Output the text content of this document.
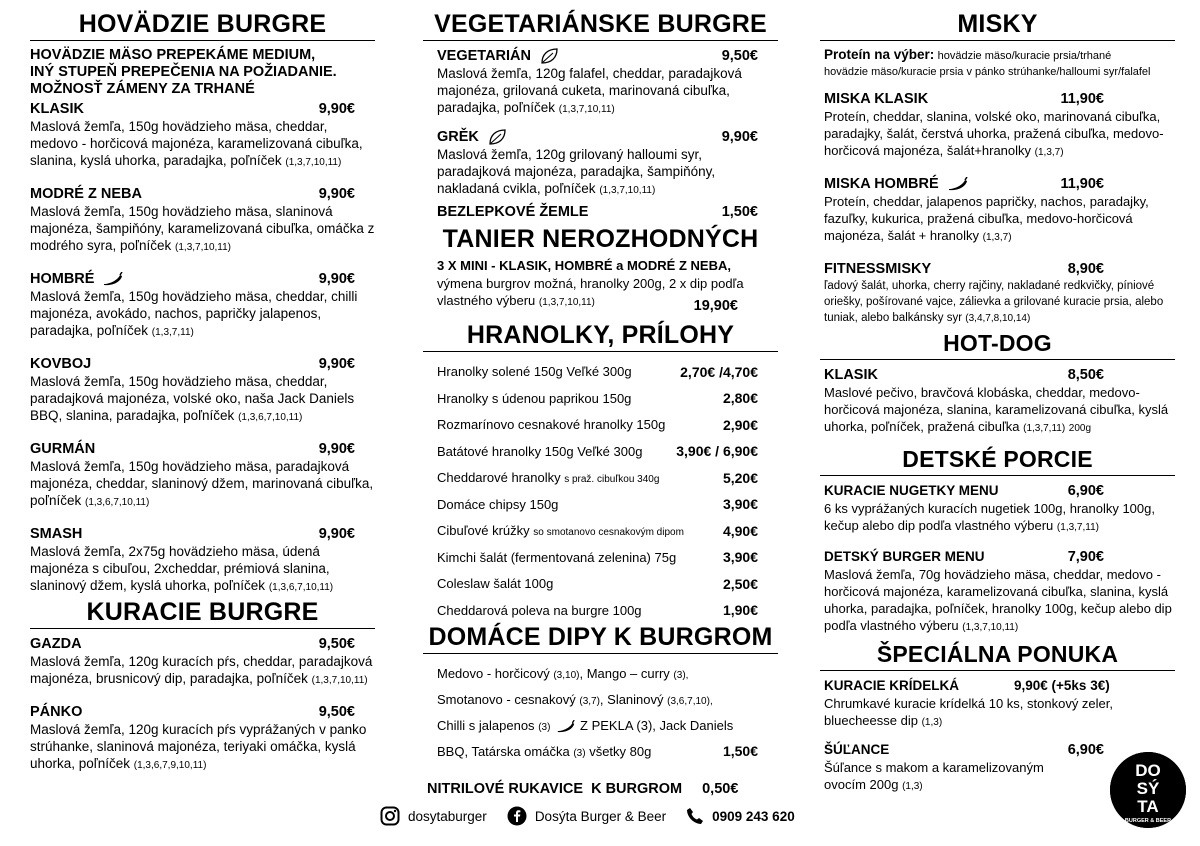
HOVÄDZIE BURGRE
HOVÄDZIE MÄSO PREPEKÁME MEDIUM,
INÝ STUPEŇ PREPEČENIA NA POŽIADANIE.
MOŽNOSŤ ZÁMENY ZA TRHANÉ
KLASIK	9,90€
Maslová žemľa, 150g hovädzieho mäsa, cheddar, medovo - horčicová majonéza, karamelizovaná cibuľka, slanina, kyslá uhorka, paradajka, poľníček (1,3,7,10,11)
MODRÉ Z NEBA	9,90€
Maslová žemľa, 150g hovädzieho mäsa, slaninová majonéza, šampiňóny, karamelizovaná cibuľka, omáčka z modrého syra, poľníček (1,3,7,10,11)
HOMBRÉ	9,90€
Maslová žemľa, 150g hovädzieho mäsa, cheddar, chilli majonéza, avokádo, nachos, papričky jalapenos, paradajka, poľníček (1,3,7,11)
KOVBOJ	9,90€
Maslová žemľa, 150g hovädzieho mäsa, cheddar, paradajková majonéza, volské oko, naša Jack Daniels BBQ, slanina, paradajka, poľníček (1,3,6,7,10,11)
GURMÁN	9,90€
Maslová žemľa, 150g hovädzieho mäsa, paradajková majonéza, cheddar, slaninový džem, marinovaná cibuľka, poľníček (1,3,6,7,10,11)
SMASH	9,90€
Maslová žemľa, 2x75g hovädzieho mäsa, údená majonéza s cibuľou, 2xcheddar, prémiová slanina, slaninový džem, kyslá uhorka, poľníček (1,3,6,7,10,11)
KURACIE BURGRE
GAZDA	9,50€
Maslová žemľa, 120g kuracích pŕs, cheddar, paradajková majonéza, brusnicový dip, paradajka, poľníček (1,3,7,10,11)
PÁNKO	9,50€
Maslová žemľa, 120g kuracích pŕs vyprážaných v panko strúhanke, slaninová majonéza, teriyaki omáčka, kyslá uhorka, poľníček (1,3,6,7,9,10,11)
VEGETARIÁNSKE BURGRE
VEGETARIÁN	9,50€
Maslová žemľa, 120g falafel, cheddar, paradajková majonéza, grilovaná cuketa, marinovaná cibuľka, paradajka, poľníček (1,3,7,10,11)
GRĚK	9,90€
Maslová žemľa, 120g grilovaný halloumi syr, paradajková majonéza, paradajka, šampiňóny, nakladaná cvikla, poľníček (1,3,7,10,11)
BEZLEPKOVÉ ŽEMLE	1,50€
TANIER NEROZHODNÝCH
3 X MINI - KLASIK, HOMBRÉ a MODRÉ Z NEBA,
výmena burgrov možná, hranolky 200g, 2 x dip podľa vlastného výberu (1,3,7,10,11)	19,90€
HRANOLKY, PRÍLOHY
Hranolky solené 150g Veľké 300g	2,70€ /4,70€
Hranolky s údenou paprikou 150g	2,80€
Rozmarínovo cesnakové hranolky 150g	2,90€
Batátové hranolky 150g Veľké 300g 3,90€ / 6,90€
Cheddarové hranolky s praž. cibuľkou 340g	5,20€
Domáce chipsy 150g	3,90€
Cibuľové krúžky so smotanovo cesnakovým dipom	4,90€
Kimchi šalát (fermentovaná zelenina) 75g	3,90€
Coleslaw šalát 100g	2,50€
Cheddarová poleva na burgre 100g	1,90€
DOMÁCE DIPY K BURGROM
Medovo - horčicový (3,10), Mango – curry (3),
Smotanovo - cesnakový (3,7), Slaninový (3,6,7,10),
Chilli s jalapenos (3) Z PEKLA (3), Jack Daniels
BBQ, Tatárska omáčka (3) všetky 80g	1,50€
NITRILOVÉ RUKAVICE  K BURGROM 0,50€
MISKY
Proteín na výber: hovädzie mäso/kuracie prsia/trhané
hovädzie mäso/kuracie prsia v pánko strúhanke/halloumi syr/falafel
MISKA KLASIK	11,90€
Proteín, cheddar, slanina, volské oko, marinovaná cibuľka, paradajky, šalát, čerstvá uhorka, pražená cibuľka, medovo-horčicová majonéza, šalát+hranolky (1,3,7)
MISKA HOMBRÉ	11,90€
Proteín, cheddar, jalapenos papričky, nachos, paradajky, fazuľky, kukurica, pražená cibuľka, medovo-horčicová majonéza, šalát + hranolky (1,3,7)
FITNESSMISKY	8,90€
ľadový šalát, uhorka, cherry rajčiny, nakladané redkvičky, píniové oriešky, pošírované vajce, zálievka a grilované kuracie prsia, alebo tuniak, alebo balkánsky syr (3,4,7,8,10,14)
HOT-DOG
KLASIK	8,50€
Maslové pečivo, bravčová klobáska, cheddar, medovo-horčicová majonéza, slanina, karamelizovaná cibuľka, kyslá uhorka, poľníček, pražená cibuľka (1,3,7,11) 200g
DETSKÉ PORCIE
KURACIE NUGETKY MENU	6,90€
6 ks vyprážaných kuracích nugetiek 100g, hranolky 100g, kečup alebo dip podľa vlastného výberu (1,3,7,11)
DETSKÝ BURGER MENU	7,90€
Maslová žemľa, 70g hovädzieho mäsa, cheddar, medovo - horčicová majonéza, karamelizovaná cibuľka, slanina, kyslá uhorka, paradajka, poľníček, hranolky 100g, kečup alebo dip podľa vlastného výberu (1,3,7,10,11)
ŠPECIÁLNA PONUKA
KURACIE KRÍDELKÁ	9,90€ (+5ks 3€)
Chrumkavé kuracie krídelká 10 ks, stonkový zeler, bluecheesse dip (1,3)
ŠÚĽANCE	6,90€
Šúľance s makom a karamelizovaným ovocím 200g (1,3)
dosytaburger	Dosýta Burger & Beer	0909 243 620
DO
SÝ
TA
BURGER & BEER
